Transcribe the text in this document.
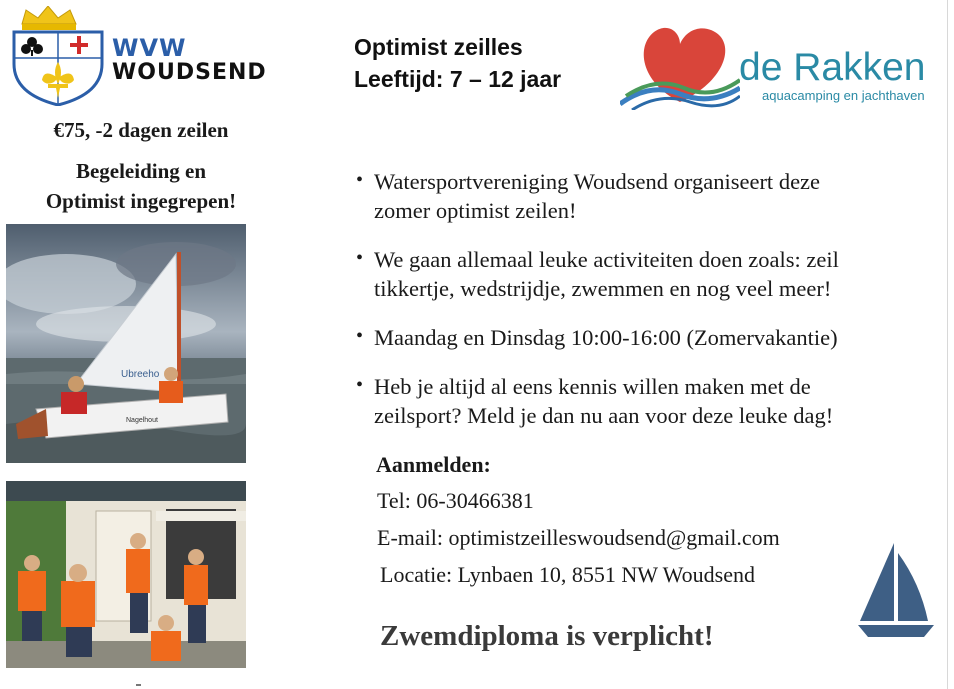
WVW
WOUDSEND
€75, -2 dagen zeilen
Begeleiding en
Optimist ingegrepen!
Ubreeho
Nagelhout
Optimist zeilles
Leeftijd: 7 – 12 jaar	de Rakken
aquacamping en jachthaven
• Watersportvereniging Woudsend organiseert deze
zomer optimist zeilen!
• We gaan allemaal leuke activiteiten doen zoals: zeil
tikkertje, wedstrijdje, zwemmen en nog veel meer!
• Maandag en Dinsdag 10:00-16:00 (Zomervakantie)
• Heb je altijd al eens kennis willen maken met de
zeilsport? Meld je dan nu aan voor deze leuke dag!
Aanmelden:
Tel: 06-30466381
E-mail: optimistzeilleswoudsend@gmail.com
Locatie: Lynbaen 10, 8551 NW Woudsend
Zwemdiploma is verplicht!
